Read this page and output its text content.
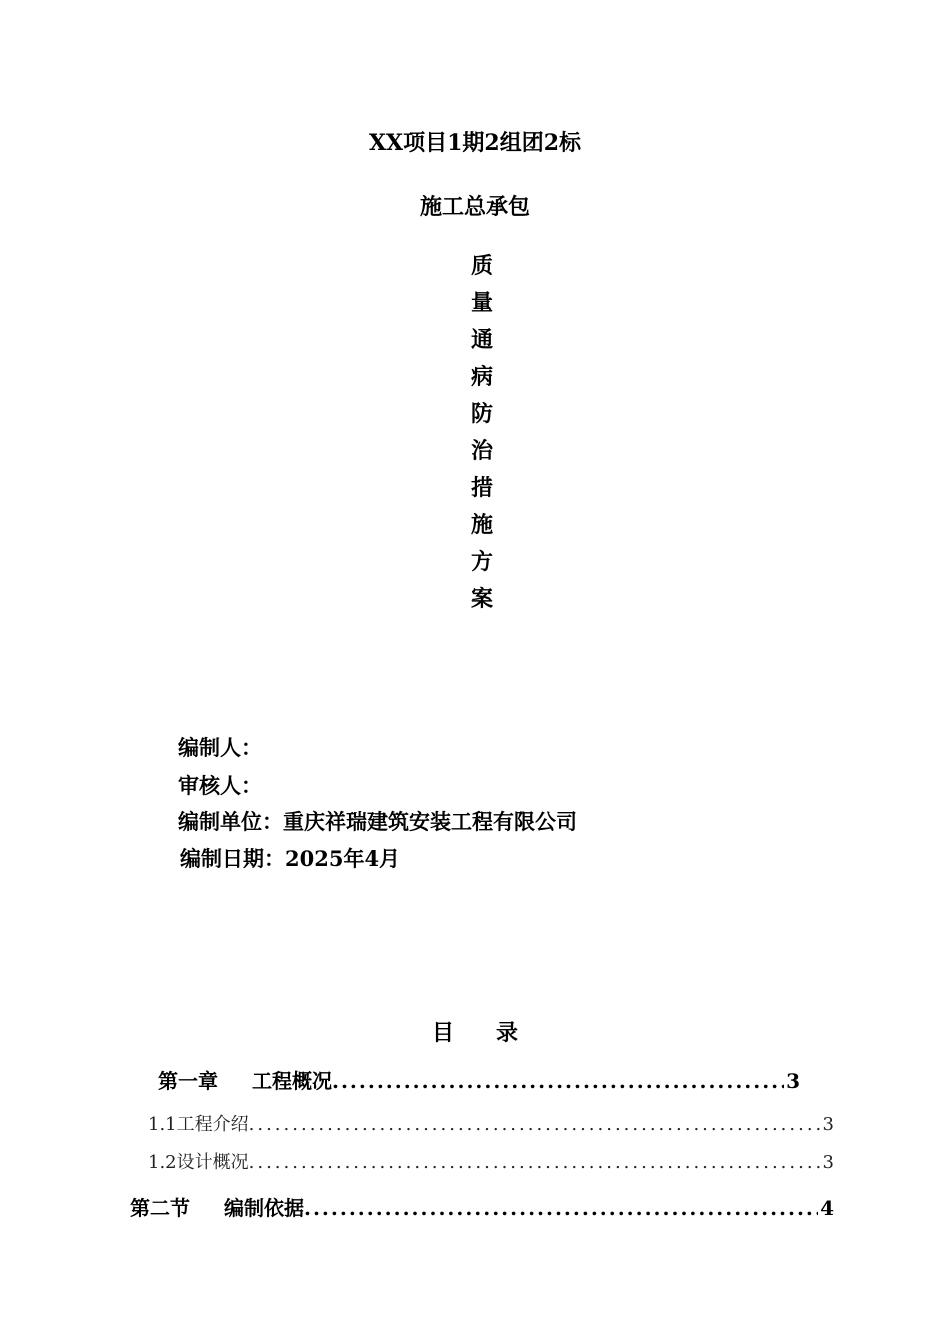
XX项目1期2组团2标
施工总承包
质
量
通
病
防
治
措
施
方
案
编制人：
审核人：
编制单位：重庆祥瑞建筑安装工程有限公司
编制日期：2025年4月
目 录
第一章 工程概况 .....	3
1.1工程介绍 .....	3
1.2设计概况 .....	3
第二节 编制依据 .....	4
